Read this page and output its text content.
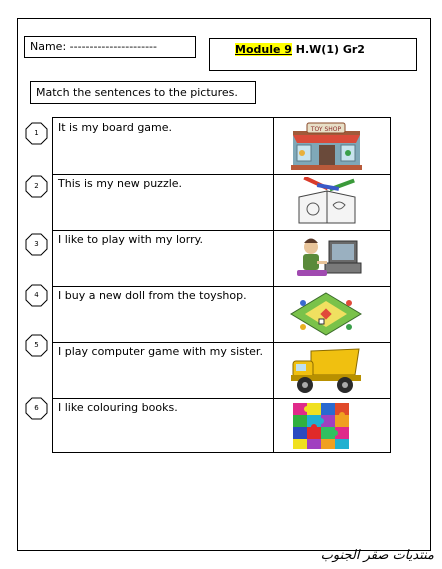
Name: ----------------------	Module 9 H.W(1) Gr2
Match the sentences to the pictures.
1
2
3
4
5
6
It is my board game.	TOY SHOP
This is my new puzzle.
I like to play with my lorry.
I buy a new doll from the toyshop.
I play computer game with my sister.
I like colouring books.
منتديات صقر الجنوب
